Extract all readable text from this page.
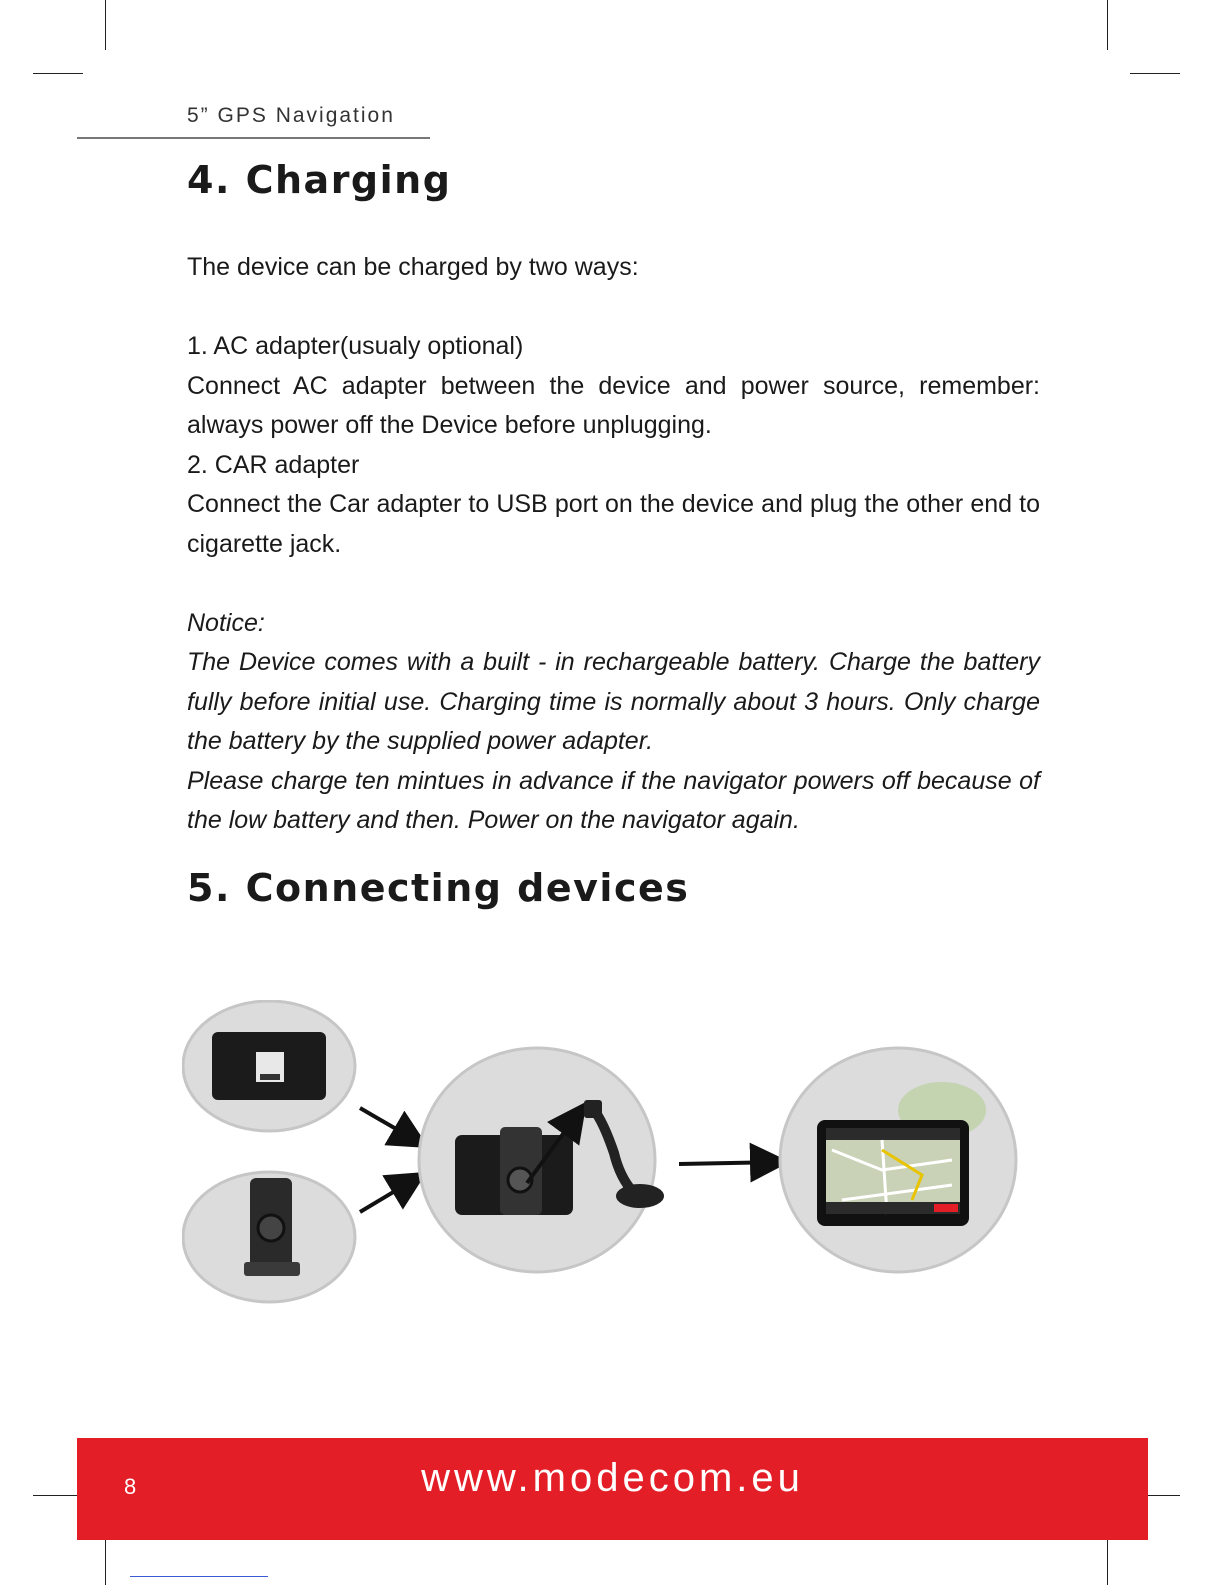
5” GPS Navigation
4. Charging

The device can be charged by two ways:

1. AC adapter(usualy optional)

Connect AC adapter between the device and power source, remember: always power off the Device before unplugging.

2. CAR adapter

Connect the Car adapter to USB port on the device and plug the other end to cigarette jack.

Notice:

The Device comes with a built - in rechargeable battery. Charge the battery fully before initial use. Charging time is normally about 3 hours. Only charge the battery by the supplied power adapter.

Please charge ten mintues in advance if the navigator powers off because of the low battery and then. Power on the navigator again.

5. Connecting devices
8	www.modecom.eu
